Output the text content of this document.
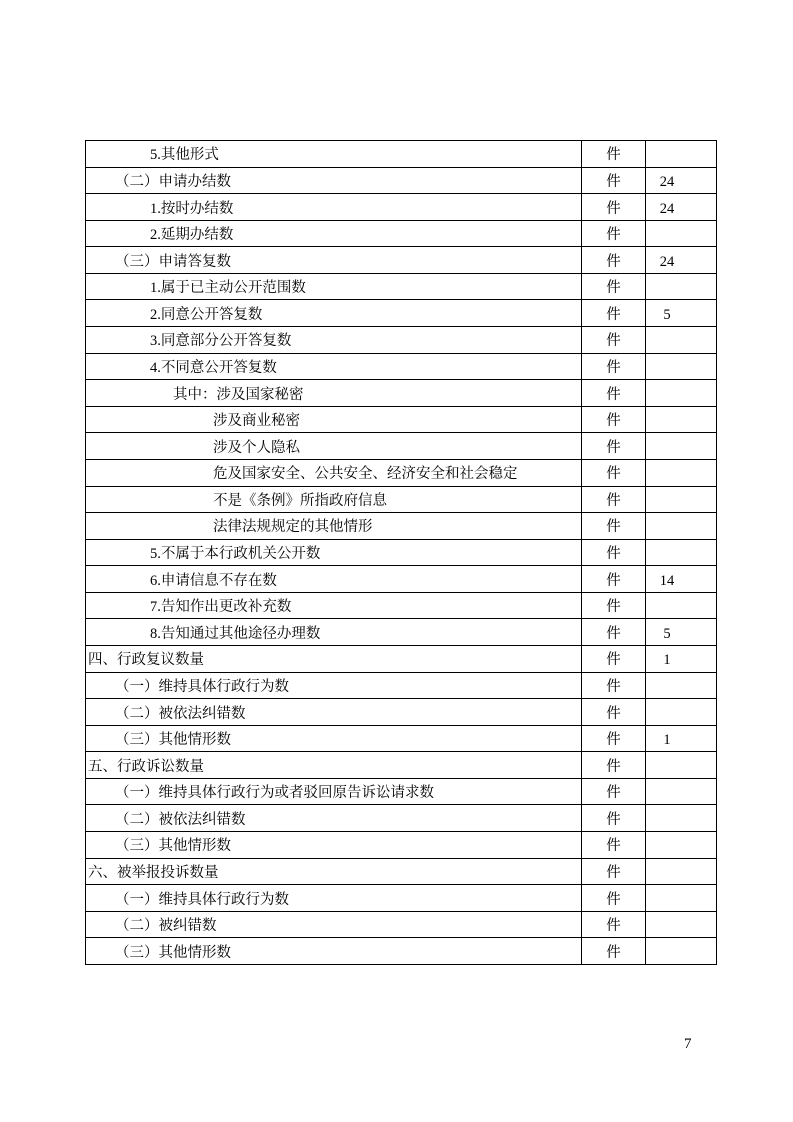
5.其他形式	件
（二）申请办结数	件	24
1.按时办结数	件	24
2.延期办结数	件
（三）申请答复数	件	24
1.属于已主动公开范围数	件
2.同意公开答复数	件	5
3.同意部分公开答复数	件
4.不同意公开答复数	件
其中：涉及国家秘密	件
涉及商业秘密	件
涉及个人隐私	件
危及国家安全、公共安全、经济安全和社会稳定	件
不是《条例》所指政府信息	件
法律法规规定的其他情形	件
5.不属于本行政机关公开数	件
6.申请信息不存在数	件	14
7.告知作出更改补充数	件
8.告知通过其他途径办理数	件	5
四、行政复议数量	件	1
（一）维持具体行政行为数	件
（二）被依法纠错数	件
（三）其他情形数	件	1
五、行政诉讼数量	件
（一）维持具体行政行为或者驳回原告诉讼请求数	件
（二）被依法纠错数	件
（三）其他情形数	件
六、被举报投诉数量	件
（一）维持具体行政行为数	件
（二）被纠错数	件
（三）其他情形数	件
7
